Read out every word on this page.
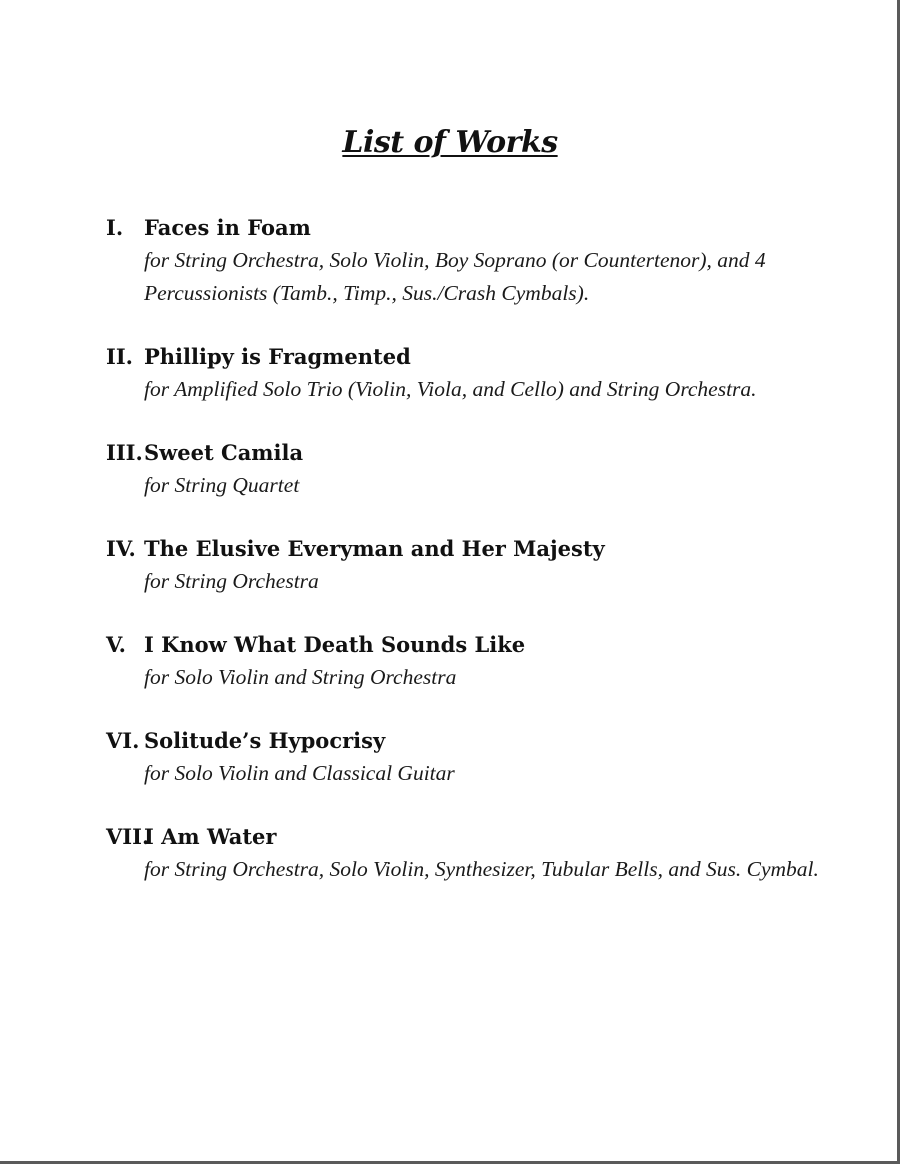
List of Works
I. Faces in Foam
for String Orchestra, Solo Violin, Boy Soprano (or Countertenor), and 4 Percussionists (Tamb., Timp., Sus./Crash Cymbals).
II. Phillipy is Fragmented
for Amplified Solo Trio (Violin, Viola, and Cello) and String Orchestra.
III. Sweet Camila
for String Quartet
IV. The Elusive Everyman and Her Majesty
for String Orchestra
V. I Know What Death Sounds Like
for Solo Violin and String Orchestra
VI. Solitude’s Hypocrisy
for Solo Violin and Classical Guitar
VII.
I Am Water
for String Orchestra, Solo Violin, Synthesizer, Tubular Bells, and Sus. Cymbal.
